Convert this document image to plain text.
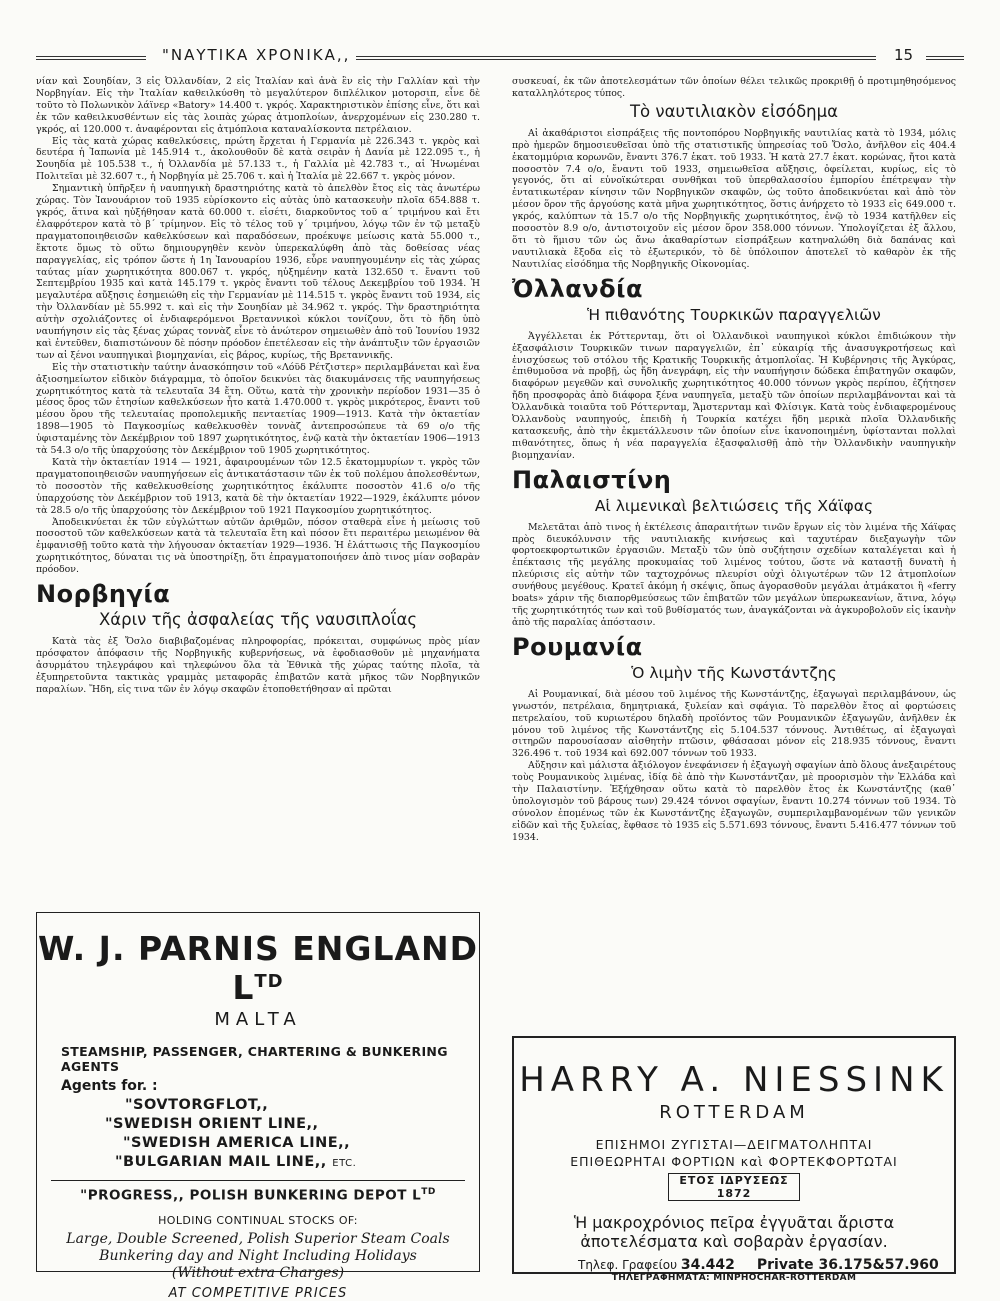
"ΝΑΥΤΙΚΑ ΧΡΟΝΙΚΑ,,	15

νίαν καὶ Σουηδίαν, 3 εἰς Ὀλλανδίαν, 2 εἰς Ἰταλίαν καὶ ἀνὰ ἓν εἰς τὴν Γαλλίαν καὶ τὴν Νορβηγίαν. Εἰς τὴν Ἰταλίαν καθειλκύσθη τὸ μεγαλύτερον διπλέλικον μοτορσιπ, εἶνε δὲ τοῦτο τὸ Πολωνικὸν λάϊνερ «Βatory» 14.400 τ. γκρός. Χαρακτηριστικὸν ἐπίσης εἶνε, ὅτι καὶ ἐκ τῶν καθειλκυσθέντων εἰς τὰς λοιπὰς χώρας ἀτμοπλοίων, ἀνερχομένων εἰς 230.280 τ. γκρός, αἱ 120.000 τ. ἀναφέρονται εἰς ἀτμόπλοια καταναλίσκοντα πετρέλαιον.

Εἰς τὰς κατὰ χώρας καθελκύσεις, πρώτη ἔρχεται ἡ Γερμανία μὲ 226.343 τ. γκρὸς καὶ δευτέρα ἡ Ἰαπωνία μὲ 145.914 τ., ἀκολουθοῦν δὲ κατὰ σειρὰν ἡ Δανία μὲ 122.095 τ., ἡ Σουηδία μὲ 105.538 τ., ἡ Ὀλλανδία μὲ 57.133 τ., ἡ Γαλλία μὲ 42.783 τ., αἱ Ἡνωμέναι Πολιτεῖαι μὲ 32.607 τ., ἡ Νορβηγία μὲ 25.706 τ. καὶ ἡ Ἰταλία μὲ 22.667 τ. γκρὸς μόνον.

Σημαντικὴ ὑπῆρξεν ἡ ναυπηγικὴ δραστηριότης κατὰ τὸ ἀπελθὸν ἔτος εἰς τὰς ἀνωτέρω χώρας. Τὸν Ἰανουάριον τοῦ 1935 εὑρίσκοντο εἰς αὐτὰς ὑπὸ κατασκευὴν πλοῖα 654.888 τ. γκρός, ἅτινα καὶ ηὐξήθησαν κατὰ 60.000 τ. εἰσέτι, διαρκοῦντος τοῦ α΄ τριμήνου καὶ ἔτι ἐλαφρότερον κατὰ τὸ β΄ τρίμηνον. Εἰς τὸ τέλος τοῦ γ΄ τριμήνου, λόγῳ τῶν ἐν τῷ μεταξὺ πραγματοποιηθεισῶν καθελκύσεων καὶ παραδόσεων, προέκυψε μείωσις κατὰ 55.000 τ., ἔκτοτε ὅμως τὸ οὕτω δημιουργηθὲν κενὸν ὑπερεκαλύφθη ἀπὸ τὰς δοθείσας νέας παραγγελίας, εἰς τρόπον ὥστε ἡ 1η Ἰανουαρίου 1936, εὗρε ναυπηγουμένην εἰς τὰς χώρας ταύτας μίαν χωρητικότητα 800.067 τ. γκρός, ηὐξημένην κατὰ 132.650 τ. ἔναντι τοῦ Σεπτεμβρίου 1935 καὶ κατὰ 145.179 τ. γκρὸς ἔναντι τοῦ τέλους Δεκεμβρίου τοῦ 1934. Ἡ μεγαλυτέρα αὔξησις ἐσημειώθη εἰς τὴν Γερμανίαν μὲ 114.515 τ. γκρὸς ἔναντι τοῦ 1934, εἰς τὴν Ὀλλανδίαν μὲ 55.992 τ. καὶ εἰς τὴν Σουηδίαν μὲ 34.962 τ. γκρός. Τὴν δραστηριότητα αὐτὴν σχολιάζοντες οἱ ἐνδιαφερόμενοι Βρεταννικοὶ κύκλοι τονίζουν, ὅτι τὸ ἤδη ὑπὸ ναυπήγησιν εἰς τὰς ξένας χώρας τοννὰζ εἶνε τὸ ἀνώτερον σημειωθὲν ἀπὸ τοῦ Ἰουνίου 1932 καὶ ἐντεῦθεν, διαπιστώνουν δὲ πόσην πρόοδον ἐπετέλεσαν εἰς τὴν ἀνάπτυξιν τῶν ἐργασιῶν των αἱ ξένοι ναυπηγικαὶ βιομηχανίαι, εἰς βάρος, κυρίως, τῆς Βρεταννικῆς.

Εἰς τὴν στατιστικὴν ταύτην ἀνασκόπησιν τοῦ «Λόϋδ Ρέτζιστερ» περιλαμβάνεται καὶ ἕνα ἀξιοσημείωτον εἰδικὸν διάγραμμα, τὸ ὁποῖον δεικνύει τὰς διακυμάνσεις τῆς ναυπηγήσεως χωρητικότητος κατὰ τὰ τελευταῖα 34 ἔτη. Οὕτω, κατὰ τὴν χρονικὴν περίοδον 1931—35 ὁ μέσος ὅρος τῶν ἐτησίων καθελκύσεων ἦτο κατὰ 1.470.000 τ. γκρὸς μικρότερος, ἔναντι τοῦ μέσου ὅρου τῆς τελευταίας προπολεμικῆς πενταετίας 1909—1913. Κατὰ τὴν ὀκταετίαν 1898—1905 τὸ Παγκοσμίως καθελκυσθὲν τοννὰζ ἀντεπροσώπευε τὰ 69 ο/ο τῆς ὑφισταμένης τὸν Δεκέμβριον τοῦ 1897 χωρητικότητος, ἐνῷ κατὰ τὴν ὀκταετίαν 1906—1913 τὰ 54.3 ο/ο τῆς ὑπαρχούσης τὸν Δεκέμβριον τοῦ 1905 χωρητικότητος.

Κατὰ τὴν ὀκταετίαν 1914 — 1921, ἀφαιρουμένων τῶν 12.5 ἑκατομμυρίων τ. γκρὸς τῶν πραγματοποιηθεισῶν ναυπηγήσεων εἰς ἀντικατάστασιν τῶν ἐκ τοῦ πολέμου ἀπολεσθέντων, τὸ ποσοστὸν τῆς καθελκυσθείσης χωρητικότητος ἐκάλυπτε ποσοστὸν 41.6 ο/ο τῆς ὑπαρχούσης τὸν Δεκέμβριον τοῦ 1913, κατὰ δὲ τὴν ὀκταετίαν 1922—1929, ἐκάλυπτε μόνον τὰ 28.5 ο/ο τῆς ὑπαρχούσης τὸν Δεκέμβριον τοῦ 1921 Παγκοσμίου χωρητικότητος.

Ἀποδεικνύεται ἐκ τῶν εὐγλώττων αὐτῶν ἀριθμῶν, πόσον σταθερὰ εἶνε ἡ μείωσις τοῦ ποσοστοῦ τῶν καθελκύσεων κατὰ τὰ τελευταῖα ἔτη καὶ πόσον ἔτι περαιτέρω μειωμένον θὰ ἐμφανισθῇ τοῦτο κατὰ τὴν λήγουσαν ὀκταετίαν 1929—1936. Ἡ ἐλάττωσις τῆς Παγκοσμίου χωρητικότητος, δύναται τις νὰ ὑποστηρίξῃ, ὅτι ἐπραγματοποιήσεν ἀπὸ τινος μίαν σοβαρὰν πρόοδον.

Νορβηγία
Χάριν τῆς ἀσφαλείας τῆς ναυσιπλοΐας

Κατὰ τὰς ἐξ Ὄσλο διαβιβαζομένας πληροφορίας, πρόκειται, συμφώνως πρὸς μίαν πρόσφατον ἀπόφασιν τῆς Νορβηγικῆς κυβερνήσεως, νὰ ἐφοδιασθοῦν μὲ μηχανήματα ἀσυρμάτου τηλεγράφου καὶ τηλεφώνου ὅλα τὰ Ἐθνικὰ τῆς χώρας ταύτης πλοῖα, τὰ ἐξυπηρετοῦντα τακτικὰς γραμμὰς μεταφορᾶς ἐπιβατῶν κατὰ μῆκος τῶν Νορβηγικῶν παραλίων. Ἤδη, εἰς τινα τῶν ἐν λόγῳ σκαφῶν ἐτοποθετήθησαν αἱ πρῶται

συσκευαί, ἐκ τῶν ἀποτελεσμάτων τῶν ὁποίων θέλει τελικῶς προκριθῇ ὁ προτιμηθησόμενος καταλληλότερος τύπος.

Τὸ ναυτιλιακὸν εἰσόδημα

Αἱ ἀκαθάριστοι εἰσπράξεις τῆς ποντοπόρου Νορβηγικῆς ναυτιλίας κατὰ τὸ 1934, μόλις πρὸ ἡμερῶν δημοσιευθεῖσαι ὑπὸ τῆς στατιστικῆς ὑπηρεσίας τοῦ Ὄσλο, ἀνῆλθον εἰς 404.4 ἑκατομμύρια κορωνῶν, ἔναντι 376.7 ἑκατ. τοῦ 1933. Ἡ κατὰ 27.7 ἑκατ. κορώνας, ἤτοι κατὰ ποσοστὸν 7.4 ο/ο, ἔναντι τοῦ 1933, σημειωθεῖσα αὔξησις, ὀφείλεται, κυρίως, εἰς τὸ γεγονός, ὅτι αἱ εὐνοϊκώτεραι συνθῆκαι τοῦ ὑπερθαλασσίου ἐμπορίου ἐπέτρεψαν τὴν ἐντατικωτέραν κίνησιν τῶν Νορβηγικῶν σκαφῶν, ὡς τοῦτο ἀποδεικνύεται καὶ ἀπὸ τὸν μέσον ὅρον τῆς ἀργούσης κατὰ μῆνα χωρητικότητος, ὅστις ἀνήρχετο τὸ 1933 εἰς 649.000 τ. γκρός, καλύπτων τὰ 15.7 ο/ο τῆς Νορβηγικῆς χωρητικότητος, ἐνῷ τὸ 1934 κατῆλθεν εἰς ποσοστὸν 8.9 ο/ο, ἀντιστοιχοῦν εἰς μέσον ὅρον 358.000 τόννων. Ὑπολογίζεται ἐξ ἄλλου, ὅτι τὸ ἥμισυ τῶν ὡς ἄνω ἀκαθαρίστων εἰσπράξεων κατηναλώθη διὰ δαπάνας καὶ ναυτιλιακὰ ἔξοδα εἰς τὸ ἐξωτερικόν, τὸ δὲ ὑπόλοιπον ἀποτελεῖ τὸ καθαρὸν ἐκ τῆς Ναυτιλίας εἰσόδημα τῆς Νορβηγικῆς Οἰκονομίας.

Ὀλλανδία
Ἡ πιθανότης Τουρκικῶν παραγγελιῶν

Ἀγγέλλεται ἐκ Ρόττερνταμ, ὅτι οἱ Ὀλλανδικοὶ ναυπηγικοὶ κύκλοι ἐπιδιώκουν τὴν ἐξασφάλισιν Τουρκικῶν τινων παραγγελιῶν, ἐπ᾽ εὐκαιρίᾳ τῆς ἀνασυγκροτήσεως καὶ ἐνισχύσεως τοῦ στόλου τῆς Κρατικῆς Τουρκικῆς ἀτμοπλοΐας. Ἡ Κυβέρνησις τῆς Ἀγκύρας, ἐπιθυμοῦσα νὰ προβῇ, ὡς ἤδη ἀνεγράφη, εἰς τὴν ναυπήγησιν δώδεκα ἐπιβατηγῶν σκαφῶν, διαφόρων μεγεθῶν καὶ συνολικῆς χωρητικότητος 40.000 τόννων γκρὸς περίπου, ἐζήτησεν ἤδη προσφορὰς ἀπὸ διάφορα ξένα ναυπηγεῖα, μεταξὺ τῶν ὁποίων περιλαμβάνονται καὶ τὰ Ὀλλανδικὰ τοιαῦτα τοῦ Ρόττερνταμ, Ἄμστερνταμ καὶ Φλίσιγκ. Κατὰ τοὺς ἐνδιαφερομένους Ὀλλανδοὺς ναυπηγούς, ἐπειδὴ ἡ Τουρκία κατέχει ἤδη μερικὰ πλοῖα Ὀλλανδικῆς κατασκευῆς, ἀπὸ τὴν ἐκμετάλλευσιν τῶν ὁποίων εἶνε ἱκανοποιημένη, ὑφίστανται πολλαὶ πιθανότητες, ὅπως ἡ νέα παραγγελία ἐξασφαλισθῇ ἀπὸ τὴν Ὀλλανδικὴν ναυπηγικὴν βιομηχανίαν.

Παλαιστίνη
Αἱ λιμενικαὶ βελτιώσεις τῆς Χάϊφας

Μελετᾶται ἀπὸ τινος ἡ ἐκτέλεσις ἀπαραιτήτων τινῶν ἔργων εἰς τὸν λιμένα τῆς Χάϊφας πρὸς διευκόλυνσιν τῆς ναυτιλιακῆς κινήσεως καὶ ταχυτέραν διεξαγωγὴν τῶν φορτοεκφορτωτικῶν ἐργασιῶν. Μεταξὺ τῶν ὑπὸ συζήτησιν σχεδίων καταλέγεται καὶ ἡ ἐπέκτασις τῆς μεγάλης προκυμαίας τοῦ λιμένος τούτου, ὥστε νὰ καταστῇ δυνατὴ ἡ πλεύρισις εἰς αὐτὴν τῶν ταχτοχρόνως πλευρίσι οὐχὶ ὀλιγωτέρων τῶν 12 ἀτμοπλοίων συνήθους μεγέθους. Κρατεῖ ἀκόμη ἡ σκέψις, ὅπως ἀγορασθοῦν μεγάλαι ἀτμάκατοι ἢ «ferry boats» χάριν τῆς διαπορθμεύσεως τῶν ἐπιβατῶν τῶν μεγάλων ὑπερωκεανίων, ἅτινα, λόγῳ τῆς χωρητικότητός των καὶ τοῦ βυθίσματός των, ἀναγκάζονται νὰ ἀγκυροβολοῦν εἰς ἱκανὴν ἀπὸ τῆς παραλίας ἀπόστασιν.

Ρουμανία
Ὁ λιμὴν τῆς Κωνστάντζης

Αἱ Ρουμανικαί, διὰ μέσου τοῦ λιμένος τῆς Κωνστάντζης, ἐξαγωγαὶ περιλαμβάνουν, ὡς γνωστόν, πετρέλαια, δημητριακά, ξυλείαν καὶ σφάγια. Τὸ παρελθὸν ἔτος αἱ φορτώσεις πετρελαίου, τοῦ κυριωτέρου δηλαδὴ προϊόντος τῶν Ρουμανικῶν ἐξαγωγῶν, ἀνῆλθεν ἐκ μόνου τοῦ λιμένος τῆς Κωνστάντζης εἰς 5.104.537 τόννους. Ἀντιθέτως, αἱ ἐξαγωγαὶ σιτηρῶν παρουσίασαν αἰσθητὴν πτῶσιν, φθάσασαι μόνον εἰς 218.935 τόννους, ἔναντι 326.496 τ. τοῦ 1934 καὶ 692.007 τόννων τοῦ 1933.

Αὔξησιν καὶ μάλιστα ἀξιόλογον ἐνεφάνισεν ἡ ἐξαγωγὴ σφαγίων ἀπὸ ὅλους ἀνεξαιρέτους τοὺς Ρουμανικοὺς λιμένας, ἰδίᾳ δὲ ἀπὸ τὴν Κωνστάντζαν, μὲ προορισμὸν τὴν Ἑλλάδα καὶ τὴν Παλαιστίνην. Ἐξήχθησαν οὕτω κατὰ τὸ παρελθὸν ἔτος ἐκ Κωνστάντζης (καθ᾽ ὑπολογισμὸν τοῦ βάρους των) 29.424 τόννοι σφαγίων, ἔναντι 10.274 τόννων τοῦ 1934. Τὸ σύνολον ἑπομένως τῶν ἐκ Κωνστάντζης ἐξαγωγῶν, συμπεριλαμβανομένων τῶν γενικῶν εἰδῶν καὶ τῆς ξυλείας, ἔφθασε τὸ 1935 εἰς 5.571.693 τόννους, ἔναντι 5.416.477 τόννων τοῦ 1934.

W. J. PARNIS ENGLAND $L^{TD}$
MALTA
STEAMSHIP, PASSENGER, CHARTERING & BUNKERING AGENTS
Agents for. :
"SOVTORGFLOT,,
"SWEDISH ORIENT LINE,,
"SWEDISH AMERICA LINE,,
"BULGARIAN MAIL LINE,, ETC.
"PROGRESS,, POLISH BUNKERING DEPOT $L^{TD}$
HOLDING CONTINUAL STOCKS OF:
Large, Double Screened, Polish Superior Steam Coals
Bunkering day and Night Including Holidays
(Without extra Charges)
AT COMPETITIVE PRICES
HARRY A. NIESSINK
ROTTERDAM
ΕΠΙΣΗΜΟΙ ΖΥΓΙΣΤΑΙ—ΔΕΙΓΜΑΤΟΛΗΠΤΑΙ
ΕΠΙΘΕΩΡΗΤΑΙ ΦΟΡΤΙΩΝ καὶ ΦΟΡΤΕΚΦΟΡΤΩΤΑΙ
ΕΤΟΣ ΙΔΡΥΣΕΩΣ 1872
Ἡ μακροχρόνιος πεῖρα ἐγγυᾶται ἄριστα
ἀποτελέσματα καὶ σοβαρὰν ἐργασίαν.
Τηλεφ. Γραφείου 34.442 Private 36.175&57.960
ΤΗΛΕΓΡΑΦΗΜΑΤΑ: MINPHOCHAR-ROTTERDAM
